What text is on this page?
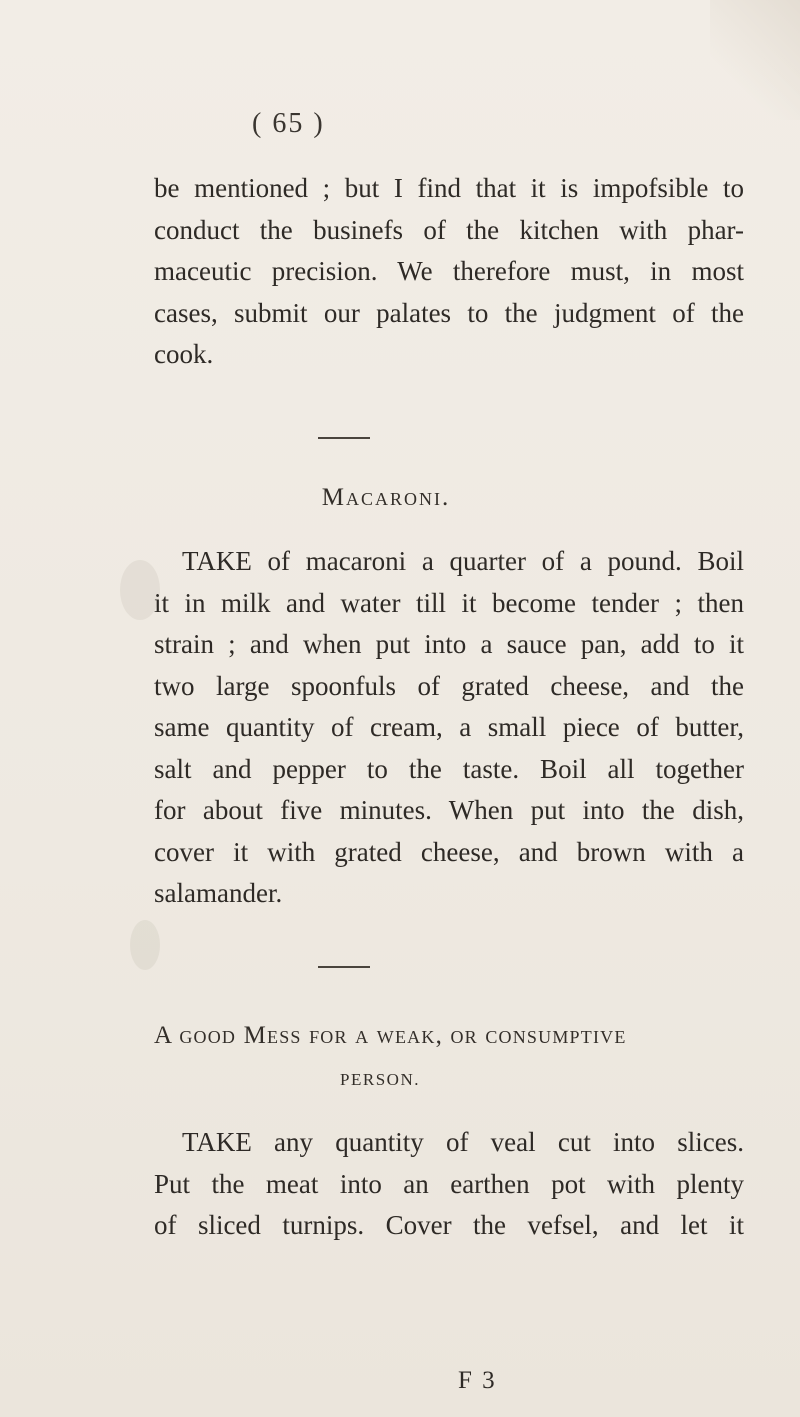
( 65 )
be mentioned ; but I find that it is impofsible to
conduct the businefs of the kitchen with phar-
maceutic precision. We therefore must, in most
cases, submit our palates to the judgment of the
cook.
Macaroni.
TAKE of macaroni a quarter of a pound. Boil
it in milk and water till it become tender ; then
strain ; and when put into a sauce pan, add to it
two large spoonfuls of grated cheese, and the
same quantity of cream, a small piece of butter,
salt and pepper to the taste. Boil all together
for about five minutes. When put into the dish,
cover it with grated cheese, and brown with a
salamander.
A good Mess for a weak, or consumptive
PERSON.
TAKE any quantity of veal cut into slices.
Put the meat into an earthen pot with plenty
of sliced turnips. Cover the vefsel, and let it
F 3
